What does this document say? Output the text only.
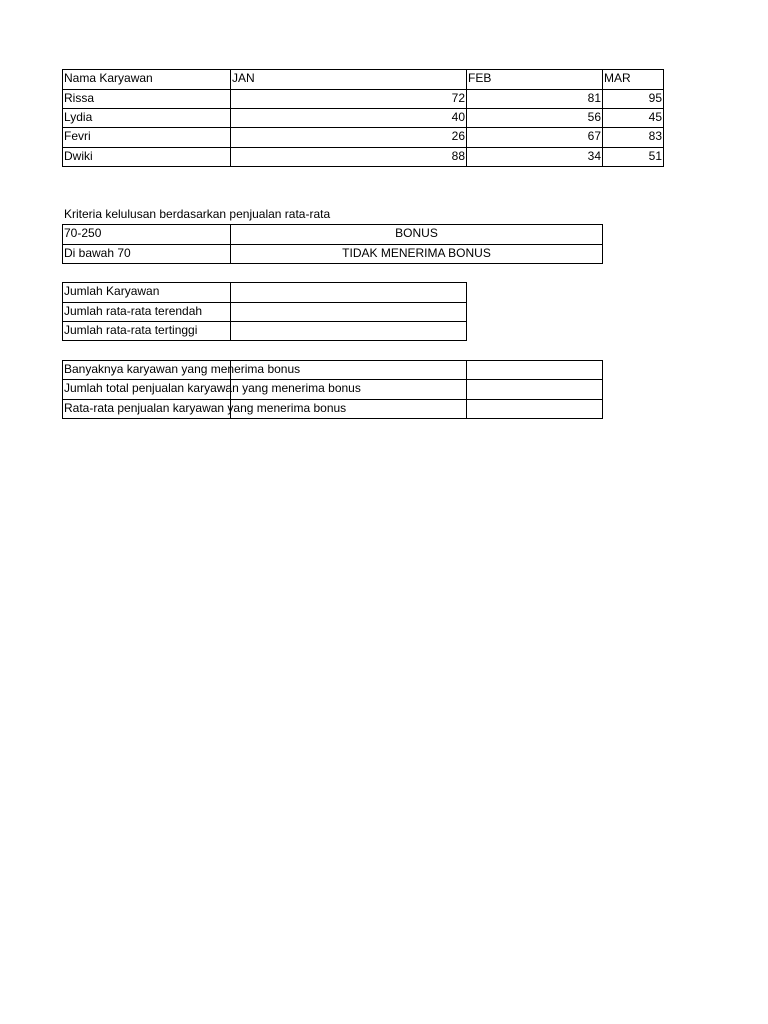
Nama Karyawan	JAN	FEB	MAR
Rissa	72	81	95
Lydia	40	56	45
Fevri	26	67	83
Dwiki	88	34	51
Kriteria kelulusan berdasarkan penjualan rata-rata
70-250	BONUS
Di bawah 70	TIDAK MENERIMA BONUS
Jumlah Karyawan
Jumlah rata-rata terendah
Jumlah rata-rata tertinggi
Banyaknya karyawan yang menerima bonus
Jumlah total penjualan karyawan yang menerima bonus
Rata-rata penjualan karyawan yang menerima bonus
